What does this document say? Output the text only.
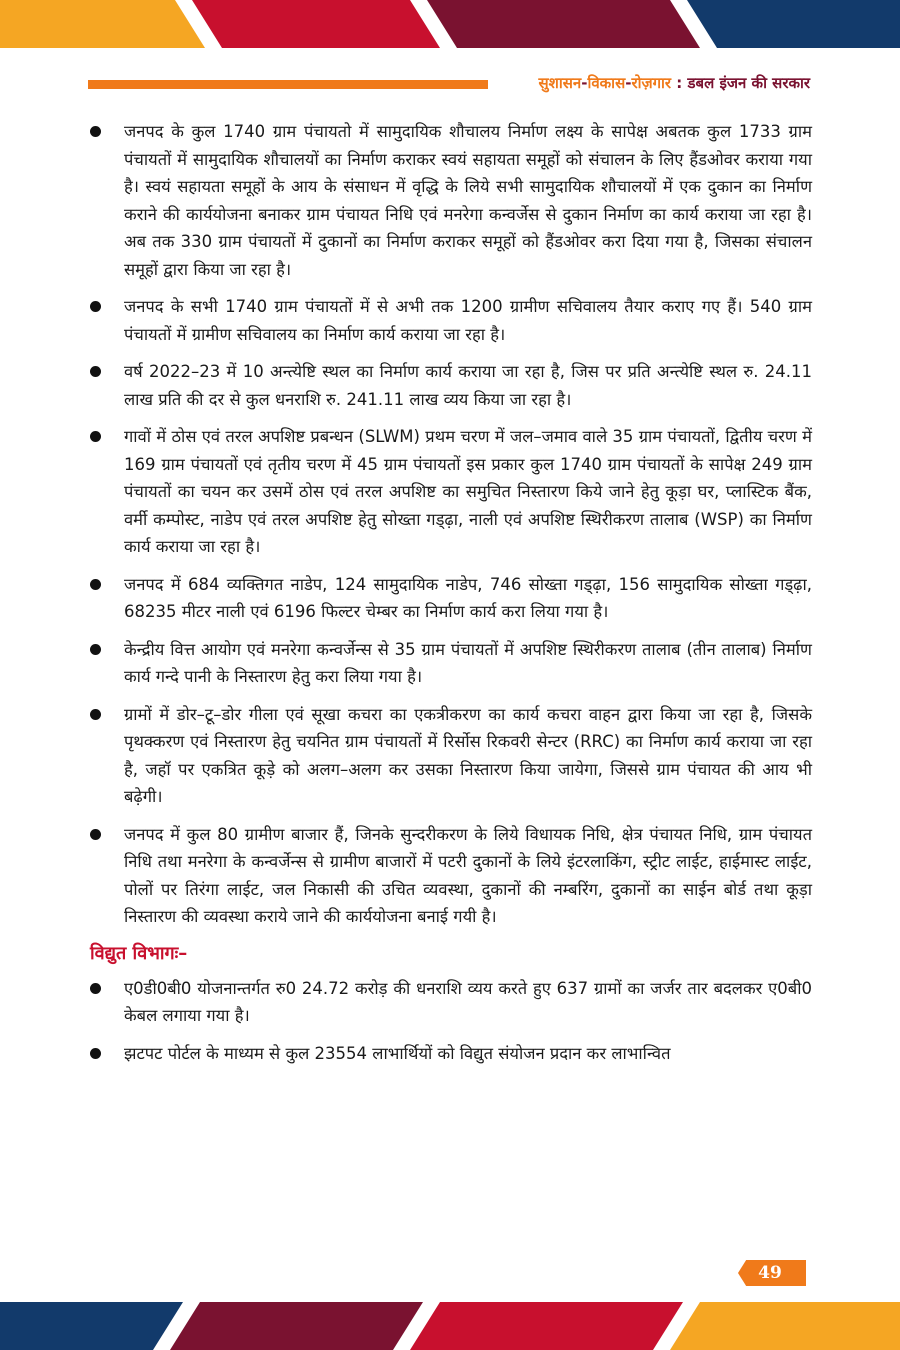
सुशासन-विकास-रोज़गार : डबल इंजन की सरकार
जनपद के कुल 1740 ग्राम पंचायतो में सामुदायिक शौचालय निर्माण लक्ष्य के सापेक्ष अबतक कुल 1733 ग्राम पंचायतों में सामुदायिक शौचालयों का निर्माण कराकर स्वयं सहायता समूहों को संचालन के लिए हैंडओवर कराया गया है। स्वयं सहायता समूहों के आय के संसाधन में वृद्धि के लिये सभी सामुदायिक शौचालयों में एक दुकान का निर्माण कराने की कार्ययोजना बनाकर ग्राम पंचायत निधि एवं मनरेगा कन्वर्जेस से दुकान निर्माण का कार्य कराया जा रहा है। अब तक 330 ग्राम पंचायतों में दुकानों का निर्माण कराकर समूहों को हैंडओवर करा दिया गया है, जिसका संचालन समूहों द्वारा किया जा रहा है।
जनपद के सभी 1740 ग्राम पंचायतों में से अभी तक 1200 ग्रामीण सचिवालय तैयार कराए गए हैं। 540 ग्राम पंचायतों में ग्रामीण सचिवालय का निर्माण कार्य कराया जा रहा है।
वर्ष 2022–23 में 10 अन्त्येष्टि स्थल का निर्माण कार्य कराया जा रहा है, जिस पर प्रति अन्त्येष्टि स्थल रु. 24.11 लाख प्रति की दर से कुल धनराशि रु. 241.11 लाख व्यय किया जा रहा है।
गावों में ठोस एवं तरल अपशिष्ट प्रबन्धन (SLWM) प्रथम चरण में जल–जमाव वाले 35 ग्राम पंचायतों, द्वितीय चरण में 169 ग्राम पंचायतों एवं तृतीय चरण में 45 ग्राम पंचायतों इस प्रकार कुल 1740 ग्राम पंचायतों के सापेक्ष 249 ग्राम पंचायतों का चयन कर उसमें ठोस एवं तरल अपशिष्ट का समुचित निस्तारण किये जाने हेतु कूड़ा घर, प्लास्टिक बैंक, वर्मी कम्पोस्ट, नाडेप एवं तरल अपशिष्ट हेतु सोख्ता गड्ढ़ा, नाली एवं अपशिष्ट स्थिरीकरण तालाब (WSP) का निर्माण कार्य कराया जा रहा है।
जनपद में 684 व्यक्तिगत नाडेप, 124 सामुदायिक नाडेप, 746 सोख्ता गड्ढ़ा, 156 सामुदायिक सोख्ता गड्ढ़ा, 68235 मीटर नाली एवं 6196 फिल्टर चेम्बर का निर्माण कार्य करा लिया गया है।
केन्द्रीय वित्त आयोग एवं मनरेगा कन्वर्जेन्स से 35 ग्राम पंचायतों में अपशिष्ट स्थिरीकरण तालाब (तीन तालाब) निर्माण कार्य गन्दे पानी के निस्तारण हेतु करा लिया गया है।
ग्रामों में डोर–टू–डोर गीला एवं सूखा कचरा का एकत्रीकरण का कार्य कचरा वाहन द्वारा किया जा रहा है, जिसके पृथक्करण एवं निस्तारण हेतु चयनित ग्राम पंचायतों में रिर्सोस रिकवरी सेन्टर (RRC) का निर्माण कार्य कराया जा रहा है, जहॉ पर एकत्रित कूड़े को अलग–अलग कर उसका निस्तारण किया जायेगा, जिससे ग्राम पंचायत की आय भी बढ़ेगी।
जनपद में कुल 80 ग्रामीण बाजार हैं, जिनके सुन्दरीकरण के लिये विधायक निधि, क्षेत्र पंचायत निधि, ग्राम पंचायत निधि तथा मनरेगा के कन्वर्जेन्स से ग्रामीण बाजारों में पटरी दुकानों के लिये इंटरलाकिंग, स्ट्रीट लाईट, हाईमास्ट लाईट, पोलों पर तिरंगा लाईट, जल निकासी की उचित व्यवस्था, दुकानों की नम्बरिंग, दुकानों का साईन बोर्ड तथा कूड़ा निस्तारण की व्यवस्था कराये जाने की कार्ययोजना बनाई गयी है।
विद्युत विभागः–
ए0डी0बी0 योजनान्तर्गत रु0 24.72 करोड़ की धनराशि व्यय करते हुए 637 ग्रामों का जर्जर तार बदलकर ए0बी0 केबल लगाया गया है।
झटपट पोर्टल के माध्यम से कुल 23554 लाभार्थियों को विद्युत संयोजन प्रदान कर लाभान्वित
49
